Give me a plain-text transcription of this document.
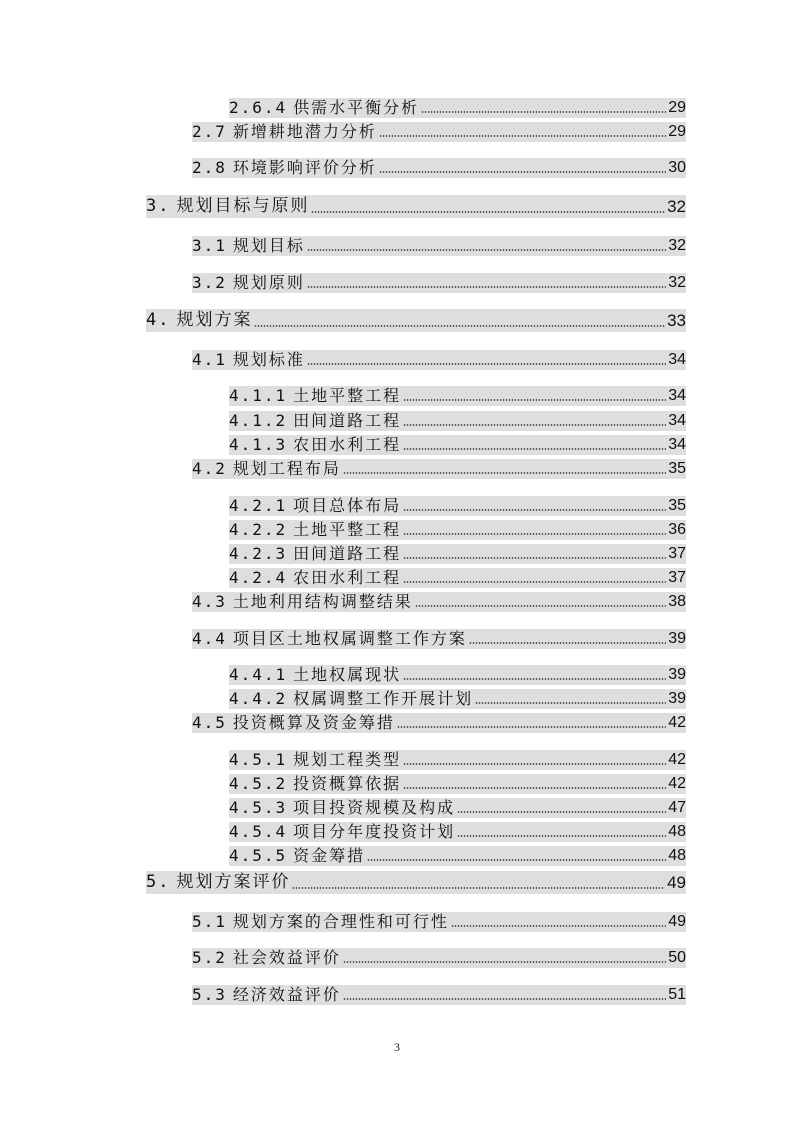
2.6.4 供需水平衡分析	29
2.7 新增耕地潜力分析	29
2.8 环境影响评价分析	30
3. 规划目标与原则	32
3.1 规划目标	32
3.2 规划原则	32
4. 规划方案	33
4.1 规划标准	34
4.1.1 土地平整工程	34
4.1.2 田间道路工程	34
4.1.3 农田水利工程	34
4.2 规划工程布局	35
4.2.1 项目总体布局	35
4.2.2 土地平整工程	36
4.2.3 田间道路工程	37
4.2.4 农田水利工程	37
4.3 土地利用结构调整结果	38
4.4 项目区土地权属调整工作方案	39
4.4.1 土地权属现状	39
4.4.2 权属调整工作开展计划	39
4.5 投资概算及资金筹措	42
4.5.1 规划工程类型	42
4.5.2 投资概算依据	42
4.5.3 项目投资规模及构成	47
4.5.4 项目分年度投资计划	48
4.5.5 资金筹措	48
5. 规划方案评价	49
5.1 规划方案的合理性和可行性	49
5.2 社会效益评价	50
5.3 经济效益评价	51
3
